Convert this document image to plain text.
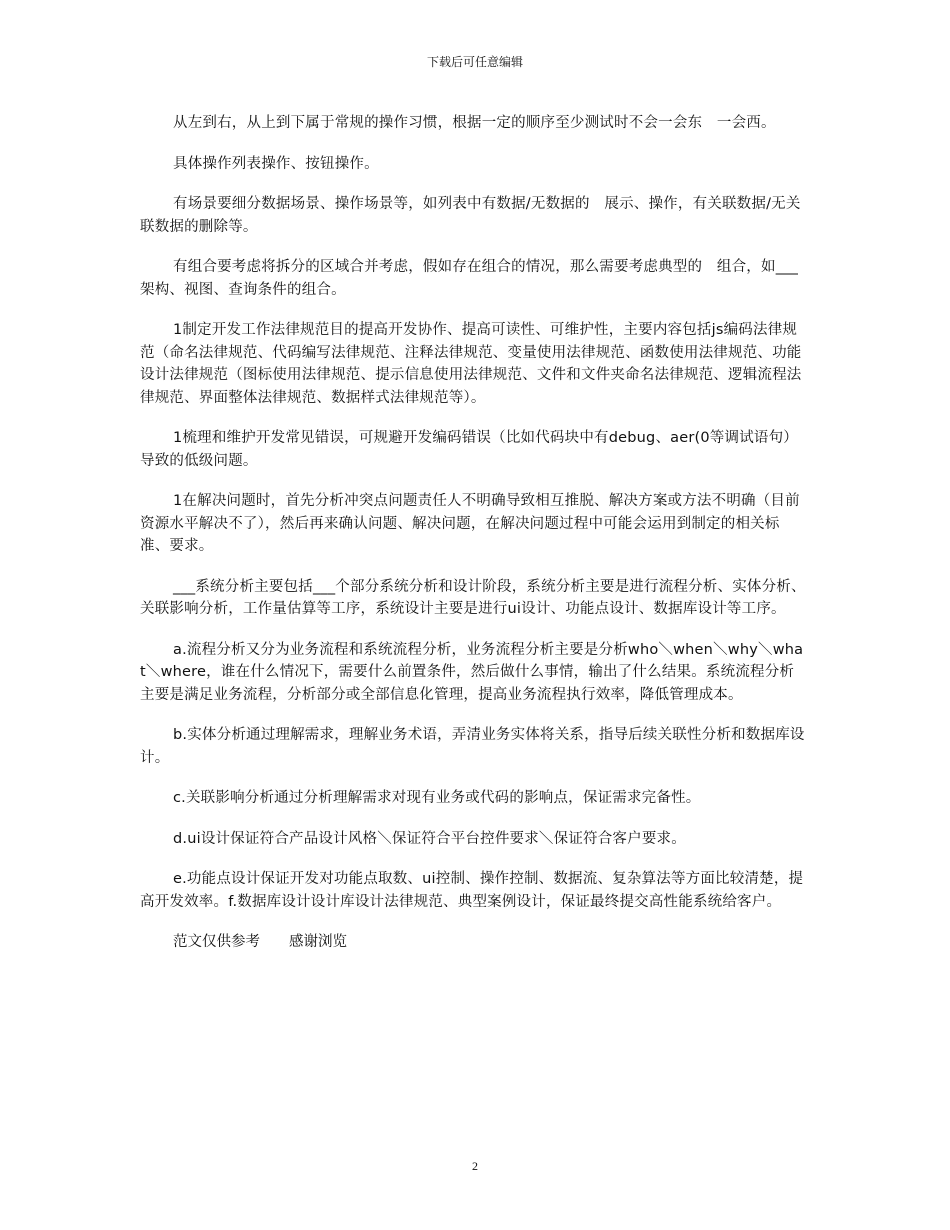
下载后可任意编辑

从左到右，从上到下属于常规的操作习惯，根据一定的顺序至少测试时不会一会东　一会西。

具体操作列表操作、按钮操作。

有场景要细分数据场景、操作场景等，如列表中有数据/无数据的　展示、操作，有关联数据/无关联数据的删除等。

有组合要考虑将拆分的区域合并考虑，假如存在组合的情况，那么需要考虑典型的　组合，如___架构、视图、查询条件的组合。

1制定开发工作法律规范目的提高开发协作、提高可读性、可维护性，主要内容包括js编码法律规范（命名法律规范、代码编写法律规范、注释法律规范、变量使用法律规范、函数使用法律规范、功能设计法律规范（图标使用法律规范、提示信息使用法律规范、文件和文件夹命名法律规范、逻辑流程法律规范、界面整体法律规范、数据样式法律规范等）。

1梳理和维护开发常见错误，可规避开发编码错误（比如代码块中有debug、aer(0等调试语句）导致的低级问题。

1在解决问题时，首先分析冲突点问题责任人不明确导致相互推脱、解决方案或方法不明确（目前资源水平解决不了），然后再来确认问题、解决问题，在解决问题过程中可能会运用到制定的相关标准、要求。

___系统分析主要包括___个部分系统分析和设计阶段，系统分析主要是进行流程分析、实体分析、关联影响分析，工作量估算等工序，系统设计主要是进行ui设计、功能点设计、数据库设计等工序。

a.流程分析又分为业务流程和系统流程分析，业务流程分析主要是分析who＼when＼why＼what＼where，谁在什么情况下，需要什么前置条件，然后做什么事情，输出了什么结果。系统流程分析主要是满足业务流程，分析部分或全部信息化管理，提高业务流程执行效率，降低管理成本。

b.实体分析通过理解需求，理解业务术语，弄清业务实体将关系，指导后续关联性分析和数据库设计。

c.关联影响分析通过分析理解需求对现有业务或代码的影响点，保证需求完备性。

d.ui设计保证符合产品设计风格＼保证符合平台控件要求＼保证符合客户要求。

e.功能点设计保证开发对功能点取数、ui控制、操作控制、数据流、复杂算法等方面比较清楚，提高开发效率。f.数据库设计设计库设计法律规范、典型案例设计，保证最终提交高性能系统给客户。

范文仅供参考　　感谢浏览

2
